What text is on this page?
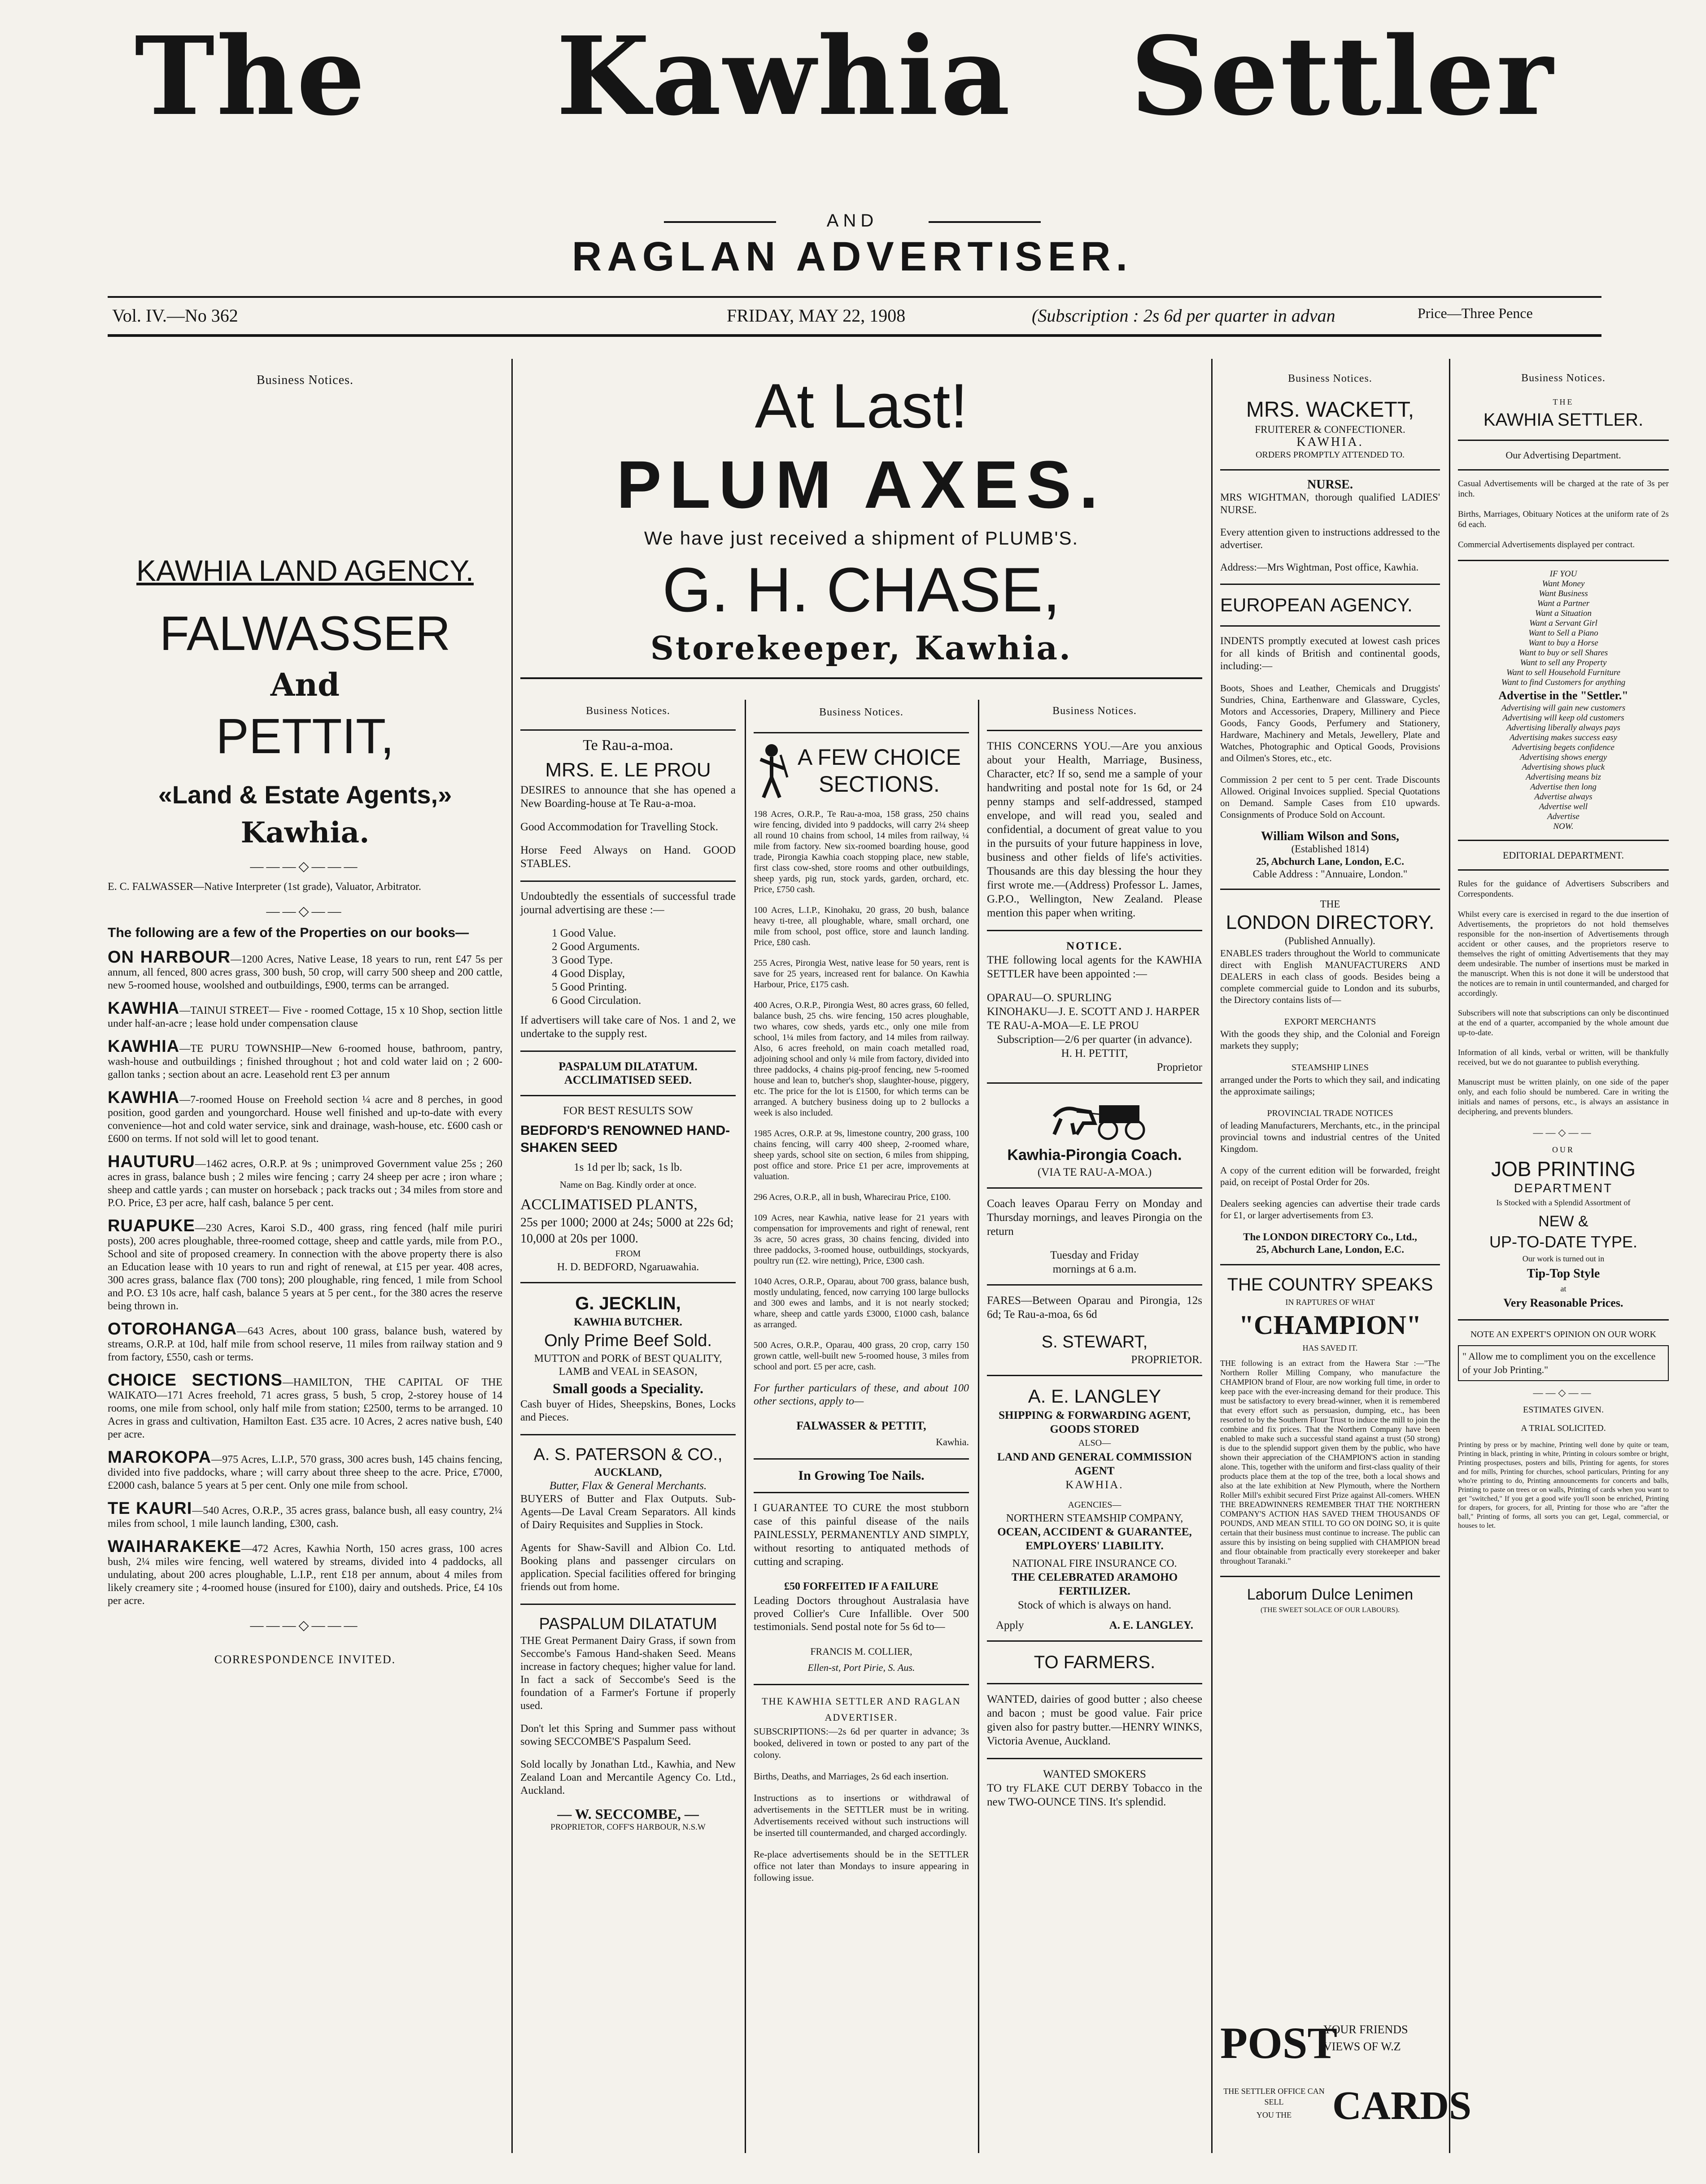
The Kawhia Settler
AND
RAGLAN ADVERTISER.
Vol. IV.—No 362	FRIDAY, MAY 22, 1908	(Subscription : 2s 6d per quarter in advan	Price—Three Pence
Business Notices.
KAWHIA LAND AGENCY.
FALWASSER
And
PETTIT,
«Land & Estate Agents,»
Kawhia.
———◇———

E. C. FALWASSER—Native Interpreter (1st grade), Valuator, Arbitrator.

——◇——

The following are a few of the Properties on our books—

ON HARBOUR—1200 Acres, Native Lease, 18 years to run, rent £47 5s per annum, all fenced, 800 acres grass, 300 bush, 50 crop, will carry 500 sheep and 200 cattle, new 5-roomed house, woolshed and outbuildings, £900, terms can be arranged.

KAWHIA—TAINUI STREET— Five - roomed Cottage, 15 x 10 Shop, section little under half-an-acre ; lease hold under compensation clause

KAWHIA—TE PURU TOWNSHIP—New 6-roomed house, bathroom, pantry, wash-house and outbuildings ; finished throughout ; hot and cold water laid on ; 2 600-gallon tanks ; section about an acre. Leasehold rent £3 per annum

KAWHIA—7-roomed House on Freehold section ¼ acre and 8 perches, in good position, good garden and youngorchard. House well finished and up-to-date with every convenience—hot and cold water service, sink and drainage, wash-house, etc. £600 cash or £600 on terms. If not sold will let to good tenant.

HAUTURU—1462 acres, O.R.P. at 9s ; unimproved Government value 25s ; 260 acres in grass, balance bush ; 2 miles wire fencing ; carry 24 sheep per acre ; iron whare ; sheep and cattle yards ; can muster on horseback ; pack tracks out ; 34 miles from store and P.O. Price, £3 per acre, half cash, balance 5 per cent.

RUAPUKE—230 Acres, Karoi S.D., 400 grass, ring fenced (half mile puriri posts), 200 acres ploughable, three-roomed cottage, sheep and cattle yards, mile from P.O., School and site of proposed creamery. In connection with the above property there is also an Education lease with 10 years to run and right of renewal, at £15 per year. 408 acres, 300 acres grass, balance flax (700 tons); 200 ploughable, ring fenced, 1 mile from School and P.O. £3 10s acre, half cash, balance 5 years at 5 per cent., for the 380 acres the reserve being thrown in.

OTOROHANGA—643 Acres, about 100 grass, balance bush, watered by streams, O.R.P. at 10d, half mile from school reserve, 11 miles from railway station and 9 from factory, £550, cash or terms.

CHOICE SECTIONS—HAMILTON, THE CAPITAL OF THE WAIKATO—171 Acres freehold, 71 acres grass, 5 bush, 5 crop, 2-storey house of 14 rooms, one mile from school, only half mile from station; £2500, terms to be arranged. 10 Acres in grass and cultivation, Hamilton East. £35 acre. 10 Acres, 2 acres native bush, £40 per acre.

MAROKOPA—975 Acres, L.I.P., 570 grass, 300 acres bush, 145 chains fencing, divided into five paddocks, whare ; will carry about three sheep to the acre. Price, £7000, £2000 cash, balance 5 years at 5 per cent. Only one mile from school.

TE KAURI—540 Acres, O.R.P., 35 acres grass, balance bush, all easy country, 2¼ miles from school, 1 mile launch landing, £300, cash.

WAIHARAKEKE—472 Acres, Kawhia North, 150 acres grass, 100 acres bush, 2¼ miles wire fencing, well watered by streams, divided into 4 paddocks, all undulating, about 200 acres ploughable, L.I.P., rent £18 per annum, about 4 miles from likely creamery site ; 4-roomed house (insured for £100), dairy and outsheds. Price, £4 10s per acre.

———◇———
CORRESPONDENCE INVITED.
At Last!
PLUM AXES.
We have just received a shipment of PLUMB'S.
G. H. CHASE,
Storekeeper, Kawhia.
Business Notices.
Te Rau-a-moa.
MRS. E. LE PROU

DESIRES to announce that she has opened a New Boarding-house at Te Rau-a-moa.

Good Accommodation for Travelling Stock.

Horse Feed Always on Hand. GOOD STABLES.

Undoubtedly the essentials of successful trade journal advertising are these :—

1 Good Value.
2 Good Arguments.
3 Good Type.
4 Good Display,
5 Good Printing.
6 Good Circulation.

If advertisers will take care of Nos. 1 and 2, we undertake to the supply rest.

PASPALUM DILATATUM. ACCLIMATISED SEED.
FOR BEST RESULTS SOW
BEDFORD'S RENOWNED HAND-SHAKEN SEED
1s 1d per lb; sack, 1s lb.
Name on Bag. Kindly order at once.
ACCLIMATISED PLANTS,
25s per 1000; 2000 at 24s; 5000 at 22s 6d; 10,000 at 20s per 1000.
FROM
H. D. BEDFORD, Ngaruawahia.
G. JECKLIN,
KAWHIA BUTCHER.
Only Prime Beef Sold.
MUTTON and PORK of BEST QUALITY,
LAMB and VEAL in SEASON,
Small goods a Speciality.

Cash buyer of Hides, Sheepskins, Bones, Locks and Pieces.

A. S. PATERSON & CO.,
AUCKLAND,
Butter, Flax & General Merchants.

BUYERS of Butter and Flax Outputs. Sub-Agents—De Laval Cream Separators. All kinds of Dairy Requisites and Supplies in Stock.

Agents for Shaw-Savill and Albion Co. Ltd. Booking plans and passenger circulars on application. Special facilities offered for bringing friends out from home.

PASPALUM DILATATUM

THE Great Permanent Dairy Grass, if sown from Seccombe's Famous Hand-shaken Seed. Means increase in factory cheques; higher value for land. In fact a sack of Seccombe's Seed is the foundation of a Farmer's Fortune if properly used.

Don't let this Spring and Summer pass without sowing SECCOMBE'S Paspalum Seed.

Sold locally by Jonathan Ltd., Kawhia, and New Zealand Loan and Mercantile Agency Co. Ltd., Auckland.

— W. SECCOMBE, —
PROPRIETOR, COFF'S HARBOUR, N.S.W
Business Notices.
A FEW CHOICE SECTIONS.

198 Acres, O.R.P., Te Rau-a-moa, 158 grass, 250 chains wire fencing, divided into 9 paddocks, will carry 2¼ sheep all round 10 chains from school, 14 miles from railway, ¼ mile from factory. New six-roomed boarding house, good trade, Pirongia Kawhia coach stopping place, new stable, first class cow-shed, store rooms and other outbuildings, sheep yards, pig run, stock yards, garden, orchard, etc. Price, £750 cash.

100 Acres, L.I.P., Kinohaku, 20 grass, 20 bush, balance heavy ti-tree, all ploughable, whare, small orchard, one mile from school, post office, store and launch landing. Price, £80 cash.

255 Acres, Pirongia West, native lease for 50 years, rent is save for 25 years, increased rent for balance. On Kawhia Harbour, Price, £175 cash.

400 Acres, O.R.P., Pirongia West, 80 acres grass, 60 felled, balance bush, 25 chs. wire fencing, 150 acres ploughable, two whares, cow sheds, yards etc., only one mile from school, 1¼ miles from factory, and 14 miles from railway. Also, 6 acres freehold, on main coach metalled road, adjoining school and only ¼ mile from factory, divided into three paddocks, 4 chains pig-proof fencing, new 5-roomed house and lean to, butcher's shop, slaughter-house, piggery, etc. The price for the lot is £1500, for which terms can be arranged. A butchery business doing up to 2 bullocks a week is also included.

1985 Acres, O.R.P. at 9s, limestone country, 200 grass, 100 chains fencing, will carry 400 sheep, 2-roomed whare, sheep yards, school site on section, 6 miles from shipping, post office and store. Price £1 per acre, improvements at valuation.

296 Acres, O.R.P., all in bush, Wharecirau Price, £100.

109 Acres, near Kawhia, native lease for 21 years with compensation for improvements and right of renewal, rent 3s acre, 50 acres grass, 30 chains fencing, divided into three paddocks, 3-roomed house, outbuildings, stockyards, poultry run (£2. wire netting), Price, £300 cash.

1040 Acres, O.R.P., Oparau, about 700 grass, balance bush, mostly undulating, fenced, now carrying 100 large bullocks and 300 ewes and lambs, and it is not nearly stocked; whare, sheep and cattle yards £3000, £1000 cash, balance as arranged.

500 Acres, O.R.P., Oparau, 400 grass, 20 crop, carry 150 grown cattle, well-built new 5-roomed house, 3 miles from school and port. £5 per acre, cash.

For further particulars of these, and about 100 other sections, apply to—

FALWASSER & PETTIT,
Kawhia.
In Growing Toe Nails.

I GUARANTEE TO CURE the most stubborn case of this painful disease of the nails PAINLESSLY, PERMANENTLY AND SIMPLY, without resorting to antiquated methods of cutting and scraping.

£50 FORFEITED IF A FAILURE

Leading Doctors throughout Australasia have proved Collier's Cure Infallible. Over 500 testimonials. Send postal note for 5s 6d to—

FRANCIS M. COLLIER,
Ellen-st, Port Pirie, S. Aus.
THE KAWHIA SETTLER AND RAGLAN ADVERTISER.

SUBSCRIPTIONS:—2s 6d per quarter in advance; 3s booked, delivered in town or posted to any part of the colony.

Births, Deaths, and Marriages, 2s 6d each insertion.

Instructions as to insertions or withdrawal of advertisements in the SETTLER must be in writing. Advertisements received without such instructions will be inserted till countermanded, and charged accordingly.

Re-place advertisements should be in the SETTLER office not later than Mondays to insure appearing in following issue.

Business Notices.

THIS CONCERNS YOU.—Are you anxious about your Health, Marriage, Business, Character, etc? If so, send me a sample of your handwriting and postal note for 1s 6d, or 24 penny stamps and self-addressed, stamped envelope, and will read you, sealed and confidential, a document of great value to you in the pursuits of your future happiness in love, business and other fields of life's activities. Thousands are this day blessing the hour they first wrote me.—(Address) Professor L. James, G.P.O., Wellington, New Zealand. Please mention this paper when writing.

NOTICE.

THE following local agents for the KAWHIA SETTLER have been appointed :—

OPARAU—O. SPURLING
KINOHAKU—J. E. SCOTT AND J. HARPER
TE RAU-A-MOA—E. LE PROU
Subscription—2/6 per quarter (in advance).
H. H. PETTIT,
Proprietor
Kawhia-Pirongia Coach.
(VIA TE RAU-A-MOA.)

Coach leaves Oparau Ferry on Monday and Thursday mornings, and leaves Pirongia on the return

Tuesday and Friday
mornings at 6 a.m.

FARES—Between Oparau and Pirongia, 12s 6d; Te Rau-a-moa, 6s 6d

S. STEWART,
PROPRIETOR.
A. E. LANGLEY
SHIPPING & FORWARDING AGENT, GOODS STORED
ALSO—
LAND AND GENERAL COMMISSION AGENT
KAWHIA.
AGENCIES—
NORTHERN STEAMSHIP COMPANY,
OCEAN, ACCIDENT & GUARANTEE, EMPLOYERS' LIABILITY.
NATIONAL FIRE INSURANCE CO.
THE CELEBRATED ARAMOHO FERTILIZER.
Stock of which is always on hand.
Apply	A. E. LANGLEY.
TO FARMERS.

WANTED, dairies of good butter ; also cheese and bacon ; must be good value. Fair price given also for pastry butter.—HENRY WINKS, Victoria Avenue, Auckland.

WANTED SMOKERS

TO try FLAKE CUT DERBY Tobacco in the new TWO-OUNCE TINS. It's splendid.

Business Notices.
MRS. WACKETT,
FRUITERER & CONFECTIONER.
KAWHIA.
ORDERS PROMPTLY ATTENDED TO.
NURSE.

MRS WIGHTMAN, thorough qualified LADIES' NURSE.

Every attention given to instructions addressed to the advertiser.

Address:—Mrs Wightman, Post office, Kawhia.

EUROPEAN AGENCY.

INDENTS promptly executed at lowest cash prices for all kinds of British and continental goods, including:—

Boots, Shoes and Leather, Chemicals and Druggists' Sundries, China, Earthenware and Glassware, Cycles, Motors and Accessories, Drapery, Millinery and Piece Goods, Fancy Goods, Perfumery and Stationery, Hardware, Machinery and Metals, Jewellery, Plate and Watches, Photographic and Optical Goods, Provisions and Oilmen's Stores, etc., etc.

Commission 2 per cent to 5 per cent. Trade Discounts Allowed. Original Invoices supplied. Special Quotations on Demand. Sample Cases from £10 upwards. Consignments of Produce Sold on Account.

William Wilson and Sons,
(Established 1814)
25, Abchurch Lane, London, E.C.
Cable Address : "Annuaire, London."
THE
LONDON DIRECTORY.
(Published Annually).

ENABLES traders throughout the World to communicate direct with English MANUFACTURERS AND DEALERS in each class of goods. Besides being a complete commercial guide to London and its suburbs, the Directory contains lists of—

EXPORT MERCHANTS

With the goods they ship, and the Colonial and Foreign markets they supply;

STEAMSHIP LINES

arranged under the Ports to which they sail, and indicating the approximate sailings;

PROVINCIAL TRADE NOTICES

of leading Manufacturers, Merchants, etc., in the principal provincial towns and industrial centres of the United Kingdom.

A copy of the current edition will be forwarded, freight paid, on receipt of Postal Order for 20s.

Dealers seeking agencies can advertise their trade cards for £1, or larger advertisements from £3.

The LONDON DIRECTORY Co., Ltd.,
25, Abchurch Lane, London, E.C.
THE COUNTRY SPEAKS
IN RAPTURES OF WHAT
"CHAMPION"
HAS SAVED IT.

THE following is an extract from the Hawera Star :—"The Northern Roller Milling Company, who manufacture the CHAMPION brand of Flour, are now working full time, in order to keep pace with the ever-increasing demand for their produce. This must be satisfactory to every bread-winner, when it is remembered that every effort such as persuasion, dumping, etc., has been resorted to by the Southern Flour Trust to induce the mill to join the combine and fix prices. That the Northern Company have been enabled to make such a successful stand against a trust (50 strong) is due to the splendid support given them by the public, who have shown their appreciation of the CHAMPION'S action in standing alone. This, together with the uniform and first-class quality of their products place them at the top of the tree, both a local shows and also at the late exhibition at New Plymouth, where the Northern Roller Mill's exhibit secured First Prize against All-comers. WHEN THE BREADWINNERS REMEMBER THAT THE NORTHERN COMPANY'S ACTION HAS SAVED THEM THOUSANDS OF POUNDS, AND MEAN STILL TO GO ON DOING SO, it is quite certain that their business must continue to increase. The public can assure this by insisting on being supplied with CHAMPION bread and flour obtainable from practically every storekeeper and baker throughout Taranaki."

Laborum Dulce Lenimen
(THE SWEET SOLACE OF OUR LABOURS).
POST
YOUR FRIENDS
VIEWS OF W.Z
THE SETTLER OFFICE CAN SELL
YOU THE	CARDS
Business Notices.
THE
KAWHIA SETTLER.
Our Advertising Department.

Casual Advertisements will be charged at the rate of 3s per inch.

Births, Marriages, Obituary Notices at the uniform rate of 2s 6d each.

Commercial Advertisements displayed per contract.

IF YOU
Want Money
Want Business
Want a Partner
Want a Situation
Want a Servant Girl
Want to Sell a Piano
Want to buy a Horse
Want to buy or sell Shares
Want to sell any Property
Want to sell Household Furniture
Want to find Customers for anything
Advertise in the "Settler."
Advertising will gain new customers
Advertising will keep old customers
Advertising liberally always pays
Advertising makes success easy
Advertising begets confidence
Advertising shows energy
Advertising shows pluck
Advertising means biz
Advertise then long
Advertise always
Advertise well
Advertise
NOW.
EDITORIAL DEPARTMENT.

Rules for the guidance of Advertisers Subscribers and Correspondents.

Whilst every care is exercised in regard to the due insertion of Advertisements, the proprietors do not hold themselves responsible for the non-insertion of Advertisements through accident or other causes, and the proprietors reserve to themselves the right of omitting Advertisements that they may deem undesirable. The number of insertions must be marked in the manuscript. When this is not done it will be understood that the notices are to remain in until countermanded, and charged for accordingly.

Subscribers will note that subscriptions can only be discontinued at the end of a quarter, accompanied by the whole amount due up-to-date.

Information of all kinds, verbal or written, will be thankfully received, but we do not guarantee to publish everything.

Manuscript must be written plainly, on one side of the paper only, and each folio should be numbered. Care in writing the initials and names of persons, etc., is always an assistance in deciphering, and prevents blunders.

——◇——
OUR
JOB PRINTING
DEPARTMENT
Is Stocked with a Splendid Assortment of
NEW &
UP-TO-DATE TYPE.
Our work is turned out in
Tip-Top Style
at
Very Reasonable Prices.
NOTE AN EXPERT'S OPINION ON OUR WORK
" Allow me to compliment you on the excellence of your Job Printing."
——◇——
ESTIMATES GIVEN.
A TRIAL SOLICITED.

Printing by press or by machine, Printing well done by quite or team, Printing in black, printing in white, Printing in colours sombre or bright, Printing prospectuses, posters and bills, Printing for agents, for stores and for mills, Printing for churches, school particulars, Printing for any who're printing to do, Printing announcements for concerts and balls, Printing to paste on trees or on walls, Printing of cards when you want to get "switched," If you get a good wife you'll soon be enriched, Printing for drapers, for grocers, for all, Printing for those who are "after the ball," Printing of forms, all sorts you can get, Legal, commercial, or houses to let.
